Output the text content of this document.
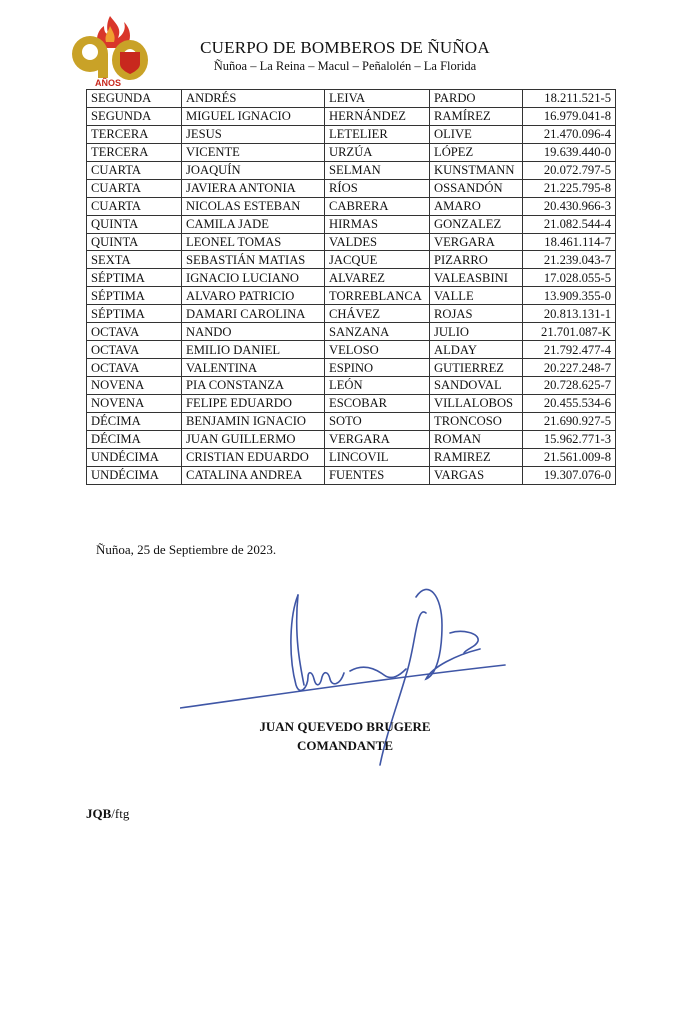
AÑOS
CUERPO DE BOMBEROS DE ÑUÑOA
Ñuñoa – La Reina – Macul – Peñalolén – La Florida
SEGUNDA	ANDRÉS	LEIVA	PARDO	18.211.521-5
SEGUNDA	MIGUEL IGNACIO	HERNÁNDEZ	RAMÍREZ	16.979.041-8
TERCERA	JESUS	LETELIER	OLIVE	21.470.096-4
TERCERA	VICENTE	URZÚA	LÓPEZ	19.639.440-0
CUARTA	JOAQUÍN	SELMAN	KUNSTMANN	20.072.797-5
CUARTA	JAVIERA ANTONIA	RÍOS	OSSANDÓN	21.225.795-8
CUARTA	NICOLAS ESTEBAN	CABRERA	AMARO	20.430.966-3
QUINTA	CAMILA JADE	HIRMAS	GONZALEZ	21.082.544-4
QUINTA	LEONEL TOMAS	VALDES	VERGARA	18.461.114-7
SEXTA	SEBASTIÁN MATIAS	JACQUE	PIZARRO	21.239.043-7
SÉPTIMA	IGNACIO LUCIANO	ALVAREZ	VALEASBINI	17.028.055-5
SÉPTIMA	ALVARO PATRICIO	TORREBLANCA	VALLE	13.909.355-0
SÉPTIMA	DAMARI CAROLINA	CHÁVEZ	ROJAS	20.813.131-1
OCTAVA	NANDO	SANZANA	JULIO	21.701.087-K
OCTAVA	EMILIO DANIEL	VELOSO	ALDAY	21.792.477-4
OCTAVA	VALENTINA	ESPINO	GUTIERREZ	20.227.248-7
NOVENA	PIA CONSTANZA	LEÓN	SANDOVAL	20.728.625-7
NOVENA	FELIPE EDUARDO	ESCOBAR	VILLALOBOS	20.455.534-6
DÉCIMA	BENJAMIN IGNACIO	SOTO	TRONCOSO	21.690.927-5
DÉCIMA	JUAN GUILLERMO	VERGARA	ROMAN	15.962.771-3
UNDÉCIMA	CRISTIAN EDUARDO	LINCOVIL	RAMIREZ	21.561.009-8
UNDÉCIMA	CATALINA ANDREA	FUENTES	VARGAS	19.307.076-0
Ñuñoa, 25 de Septiembre de 2023.
JUAN QUEVEDO BRUGERE
COMANDANTE
JQB/ftg
